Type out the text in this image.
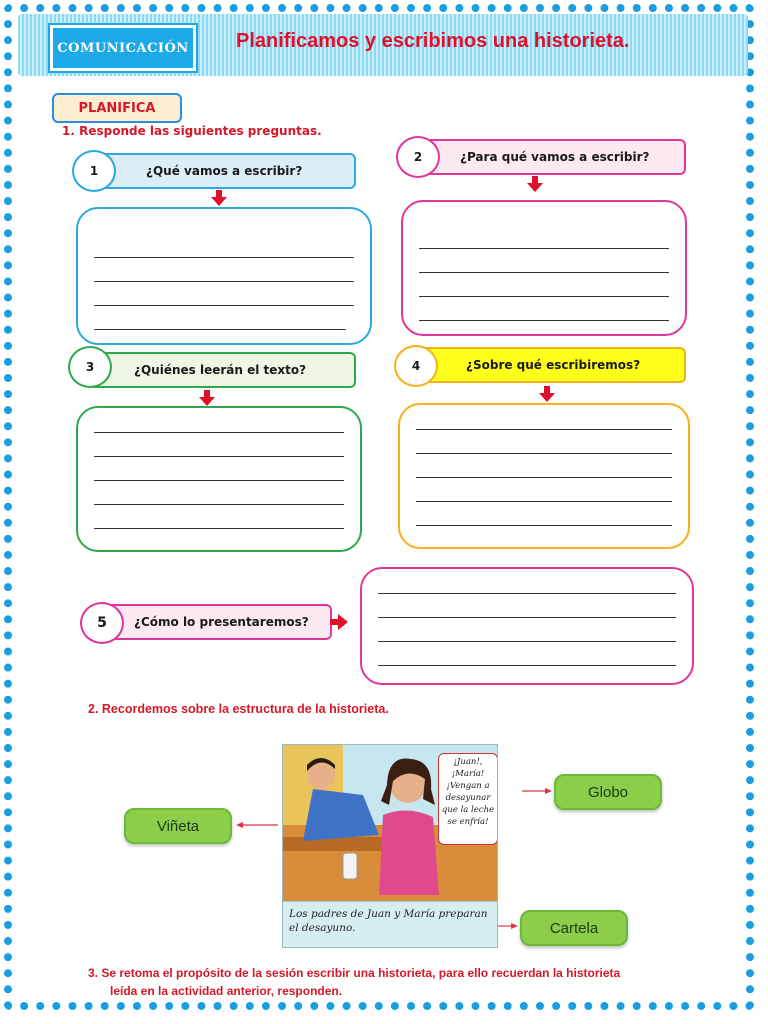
COMUNICACIÓN	Planificamos y escribimos una historieta.
PLANIFICA
1. Responde las siguientes preguntas.
¿Qué vamos a escribir?
1
¿Para qué vamos a escribir?
2
¿Quiénes leerán el texto?
3	¿Sobre qué escribiremos?
4
¿Cómo lo presentaremos?
5
2. Recordemos sobre la estructura de la historieta.
¡Juan!, ¡María! ¡Vengan a desayunar que la leche se enfría!
Los padres de Juan y María preparan el desayuno.
Viñeta
Globo
Cartela
3. Se retoma el propósito de la sesión escribir una historieta, para ello recuerdan la historieta
leída en la actividad anterior, responden.
